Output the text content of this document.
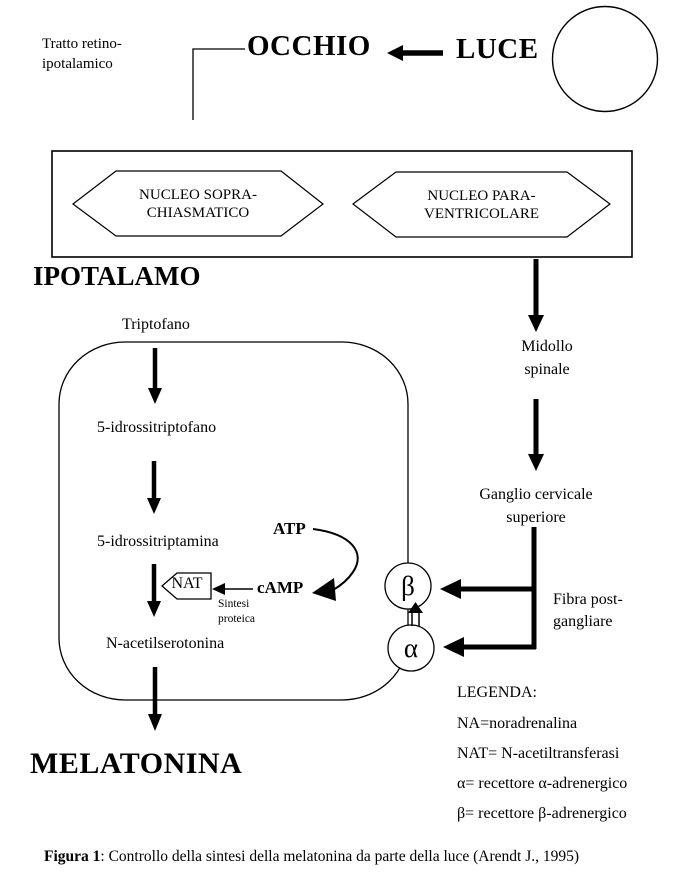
Tratto retino-
ipotalamico
OCCHIO	LUCE
NUCLEO SOPRA-
CHIASMATICO
NUCLEO PARA-
VENTRICOLARE
IPOTALAMO
Triptofano
5-idrossitriptofano
5-idrossitriptamina
ATP
cAMP
NAT
Sintesi
proteica
N-acetilserotonina
MELATONINA
Midollo
spinale
Ganglio cervicale
superiore
β
α
Fibra post-
gangliare
LEGENDA:
NA=noradrenalina
NAT= N-acetiltransferasi
α= recettore α-adrenergico
β= recettore β-adrenergico
Figura 1: Controllo della sintesi della melatonina da parte della luce (Arendt J., 1995)
